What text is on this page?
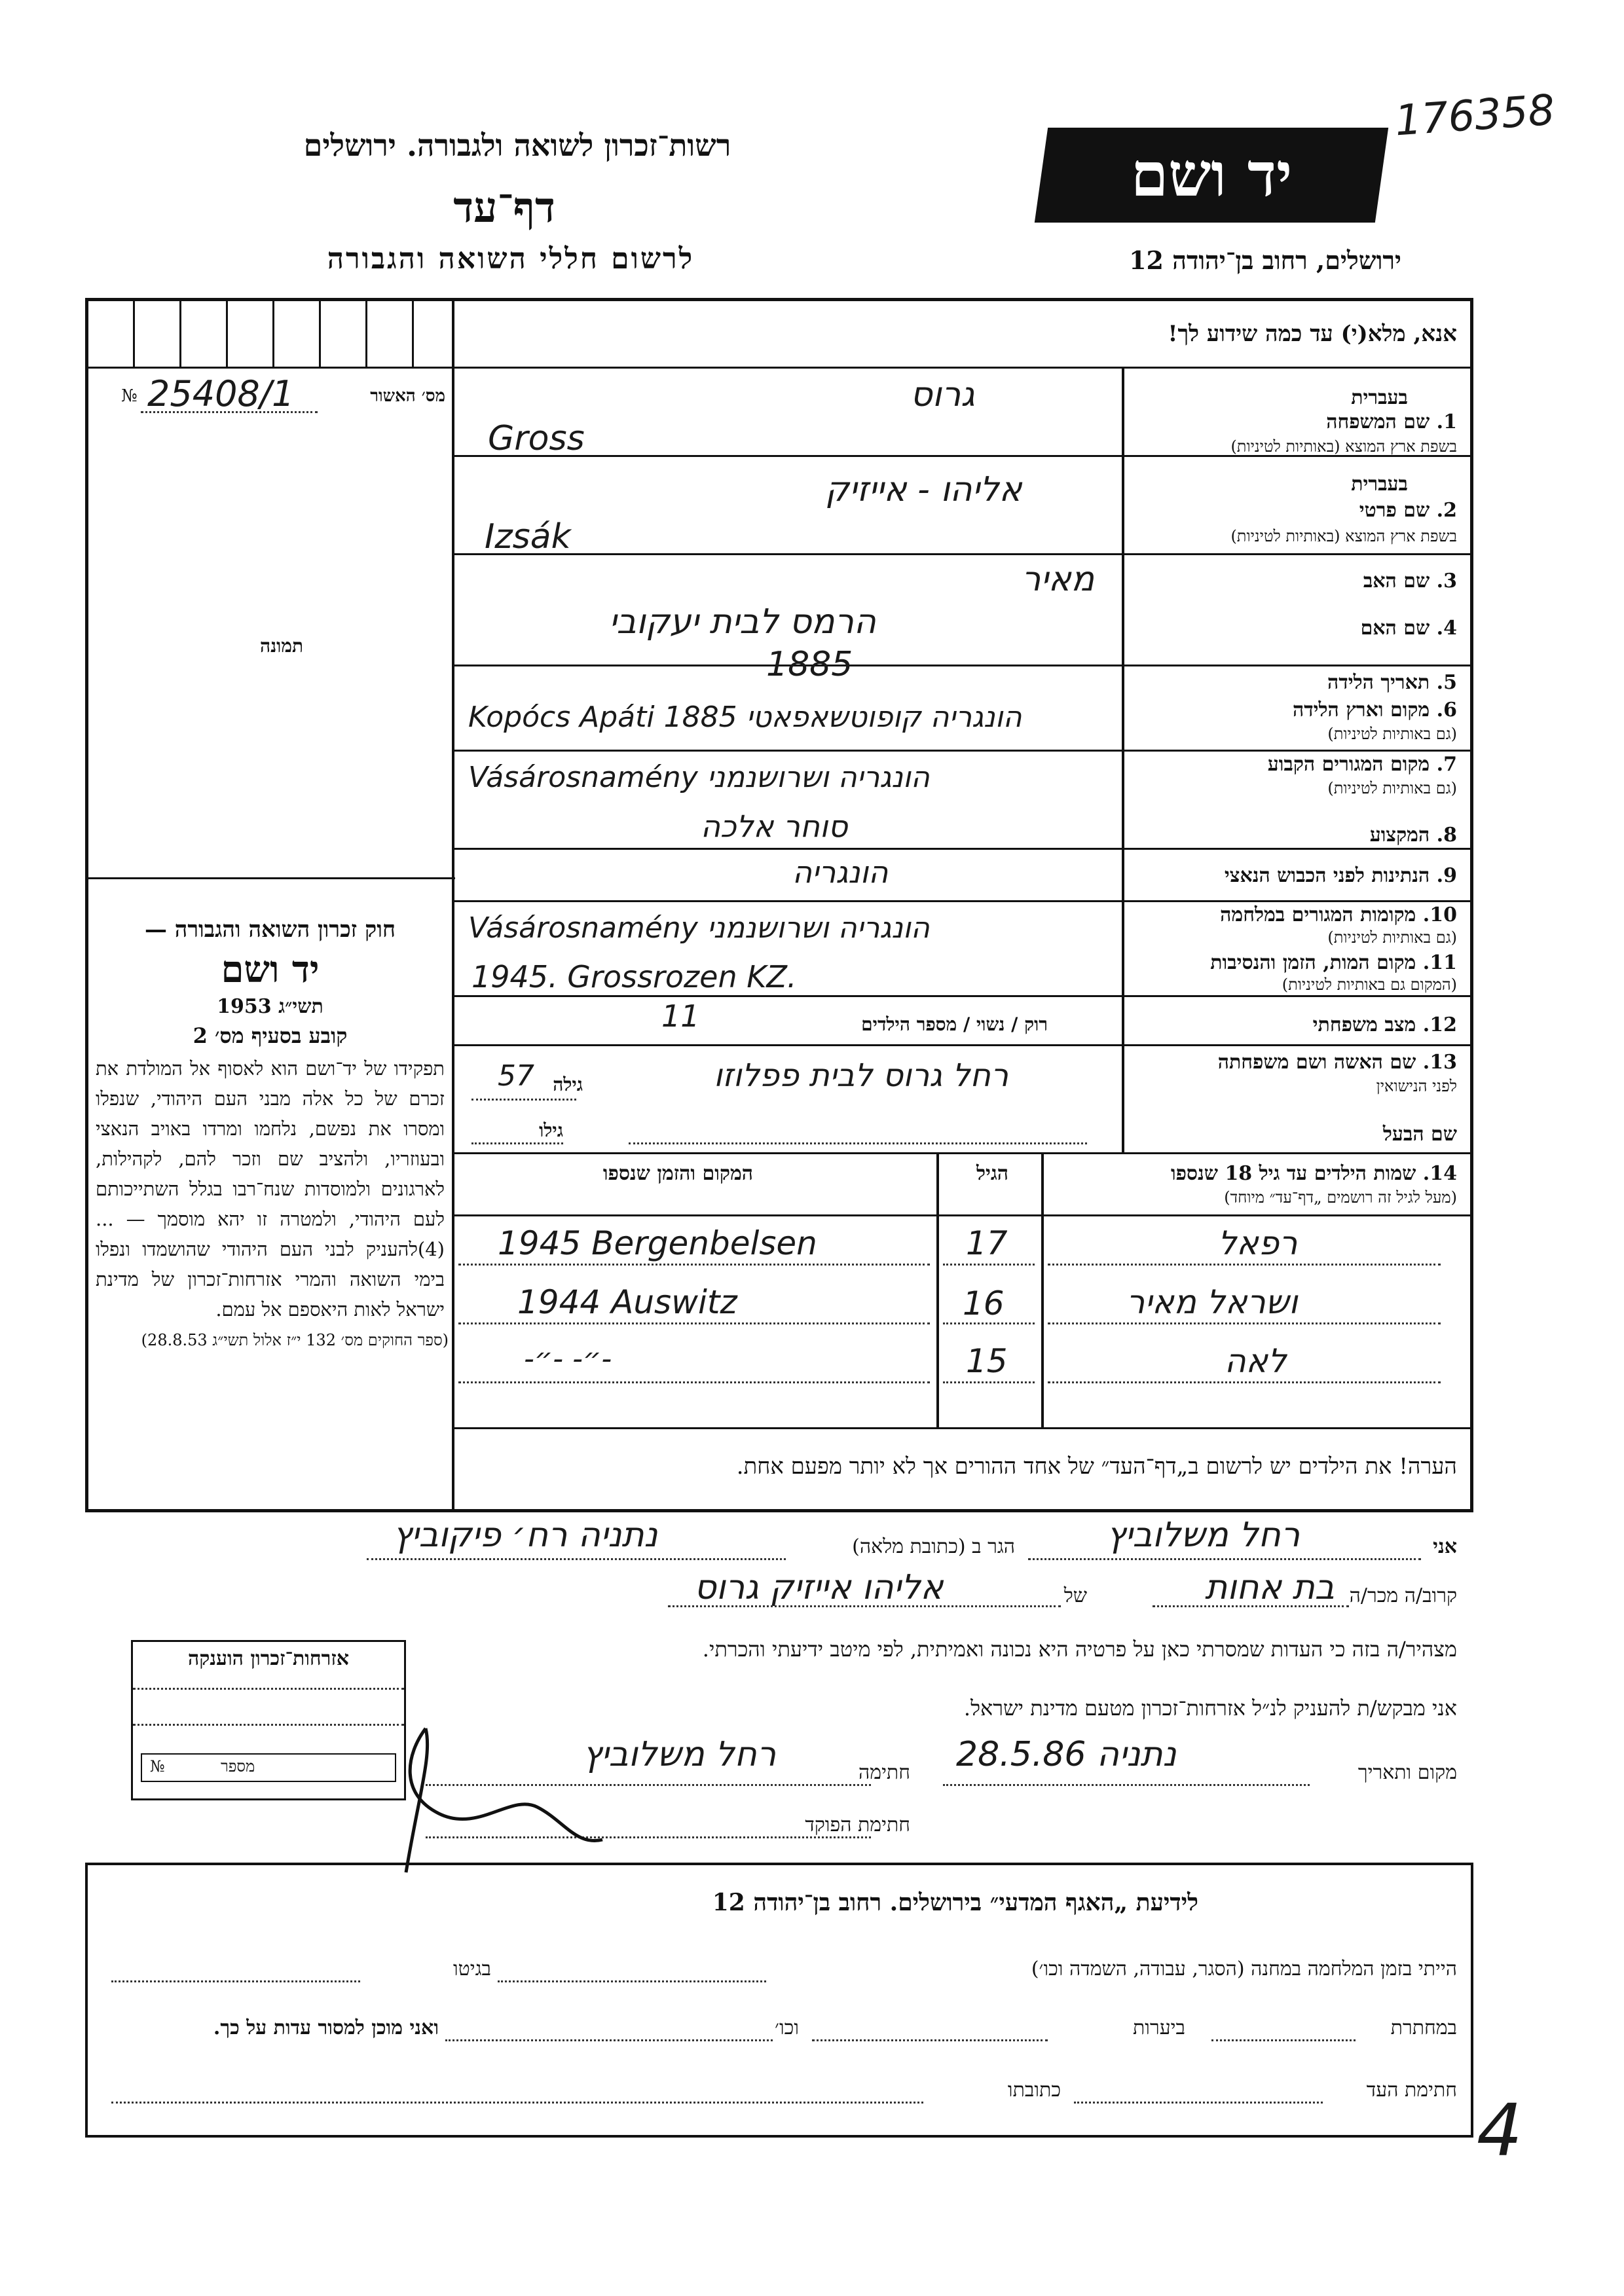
רשות־זכרון לשואה ולגבורה. ירושלים
דף־עד
לרשום חללי השואה והגבורה
יד ושם
ירושלים, רחוב בן־יהודה 12
176358
אנא, מלא(י) עד כמה שידוע לך!
מס׳ האשור
№ 25408/1
תמונה
בעברית
1. שם המשפחה
בשפת ארץ המוצא (באותיות לטיניות)
גרוס
Gross
בעברית
2. שם פרטי
בשפת ארץ המוצא (באותיות לטיניות)
אליהו - אייזיק
Izsák
3. שם האב
מאיר
4. שם האם
הרמס לבית יעקובי
5. תאריך הלידה
1885
6. מקום וארץ הלידה
(גם באותיות לטיניות)
Kopócs Apáti 1885 הונגריה קופוטשאפאטי
7. מקום המגורים הקבוע
(גם באותיות לטיניות)
Vásárosnamény הונגריה ושרושנמני
8. המקצוע
סוחר אלכה
9. הנתינות לפני הכבוש הנאצי
הונגריה
10. מקומות המגורים במלחמה
(גם באותיות לטיניות)
Vásárosnamény הונגריה ושרושנמני
11. מקום המות, הזמן והנסיבות
(המקום גם באותיות לטיניות)
1945. Grossrozen KZ.
12. מצב משפחתי
רוק / נשוי / מספר הילדים
11
13. שם האשה ושם משפחתה
לפני הנישואין
רחל גרוס לבית פפלוזו
גילה
57
שם הבעל
גילו
14. שמות הילדים עד גיל 18 שנספו
(מעל לגיל זה רושמים „דף־עד״ מיוחד)
הגיל
המקום והזמן שנספו
1945 Bergenbelsen	17	רפאל
1944 Auswitz	16	ושראל מאיר
-״- -״-	15	לאה
הערה! את הילדים יש לרשום ב„דף־העד״ של אחד ההורים אך לא יותר מפעם אחת.
חוק זכרון השואה והגבורה —
יד ושם
תשי״ג 1953
קובע בסעיף מס׳ 2
תפקידו של יד־ושם הוא לאסוף אל המולדת את זכרם של כל אלה מבני העם היהודי, שנפלו ומסרו את נפשם, נלחמו ומרדו באויב הנאצי ובעוזריו, ולהציב שם וזכר להם, לקהילות, לארגונים ולמוסדות שנח־רבו בגלל השתייכותם לעם היהודי, ולמטרה זו יהא מוסמך — ...(4)להעניק לבני העם היהודי שהושמדו ונפלו בימי השואה והמרי אזרחות־זכרון של מדינת ישראל לאות היאספם אל עמם.
(ספר החוקים מס׳ 132 י״ז אלול תשי״ג 28.8.53)
אני
רחל משלוביץ
הגר ב (כתובת מלאה)
נתניה רח׳ פיקוביץ
קרוב/ה מכר/ה
בת אחות
של
אליהו אייזיק גרוס
מצהיר/ה בזה כי העדות שמסרתי כאן על פרטיה היא נכונה ואמיתית, לפי מיטב ידיעתי והכרתי.
אני מבקש/ת להעניק לנ״ל אזרחות־זכרון מטעם מדינת ישראל.
מקום ותאריך
נתניה 28.5.86
חתימה
רחל משלוביץ
חתימת הפוקד
אזרחות־זכרון הוענקה
№	מספר
לידיעת „האגף המדעי״ בירושלים. רחוב בן־יהודה 12
הייתי בזמן המלחמה במחנה (הסגר, עבודה, השמדה וכו׳)
בגיטו
במחתרת
ביערות
וכו׳
ואני מוכן למסור עדות על כך.
חתימת העד
כתובתו	4
